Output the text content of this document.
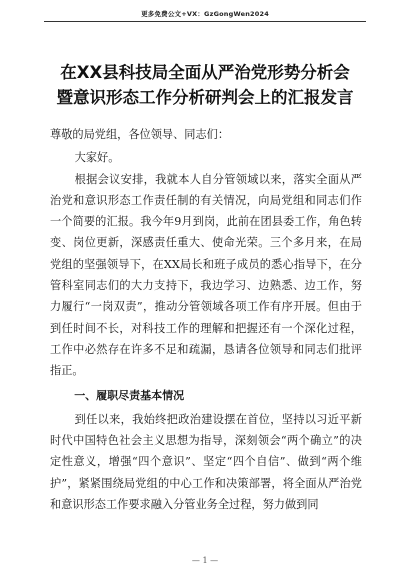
更多免费公文+VX：GzGongWen2024
在XX县科技局全面从严治党形势分析会
暨意识形态工作分析研判会上的汇报发言

尊敬的局党组，各位领导、同志们：

大家好。

根据会议安排，我就本人自分管领域以来，落实全面从严治党和意识形态工作责任制的有关情况，向局党组和同志们作一个简要的汇报。我今年9月到岗，此前在团县委工作，角色转变、岗位更新，深感责任重大、使命光荣。三个多月来，在局党组的坚强领导下，在XX局长和班子成员的悉心指导下，在分管科室同志们的大力支持下，我边学习、边熟悉、边工作，努力履行“一岗双责”，推动分管领域各项工作有序开展。但由于到任时间不长，对科技工作的理解和把握还有一个深化过程，工作中必然存在许多不足和疏漏，恳请各位领导和同志们批评指正。

一、履职尽责基本情况

到任以来，我始终把政治建设摆在首位，坚持以习近平新时代中国特色社会主义思想为指导，深刻领会“两个确立”的决定性意义，增强“四个意识”、坚定“四个自信”、做到“两个维护”，紧紧围绕局党组的中心工作和决策部署，将全面从严治党和意识形态工作要求融入分管业务全过程，努力做到同

— 1 —
